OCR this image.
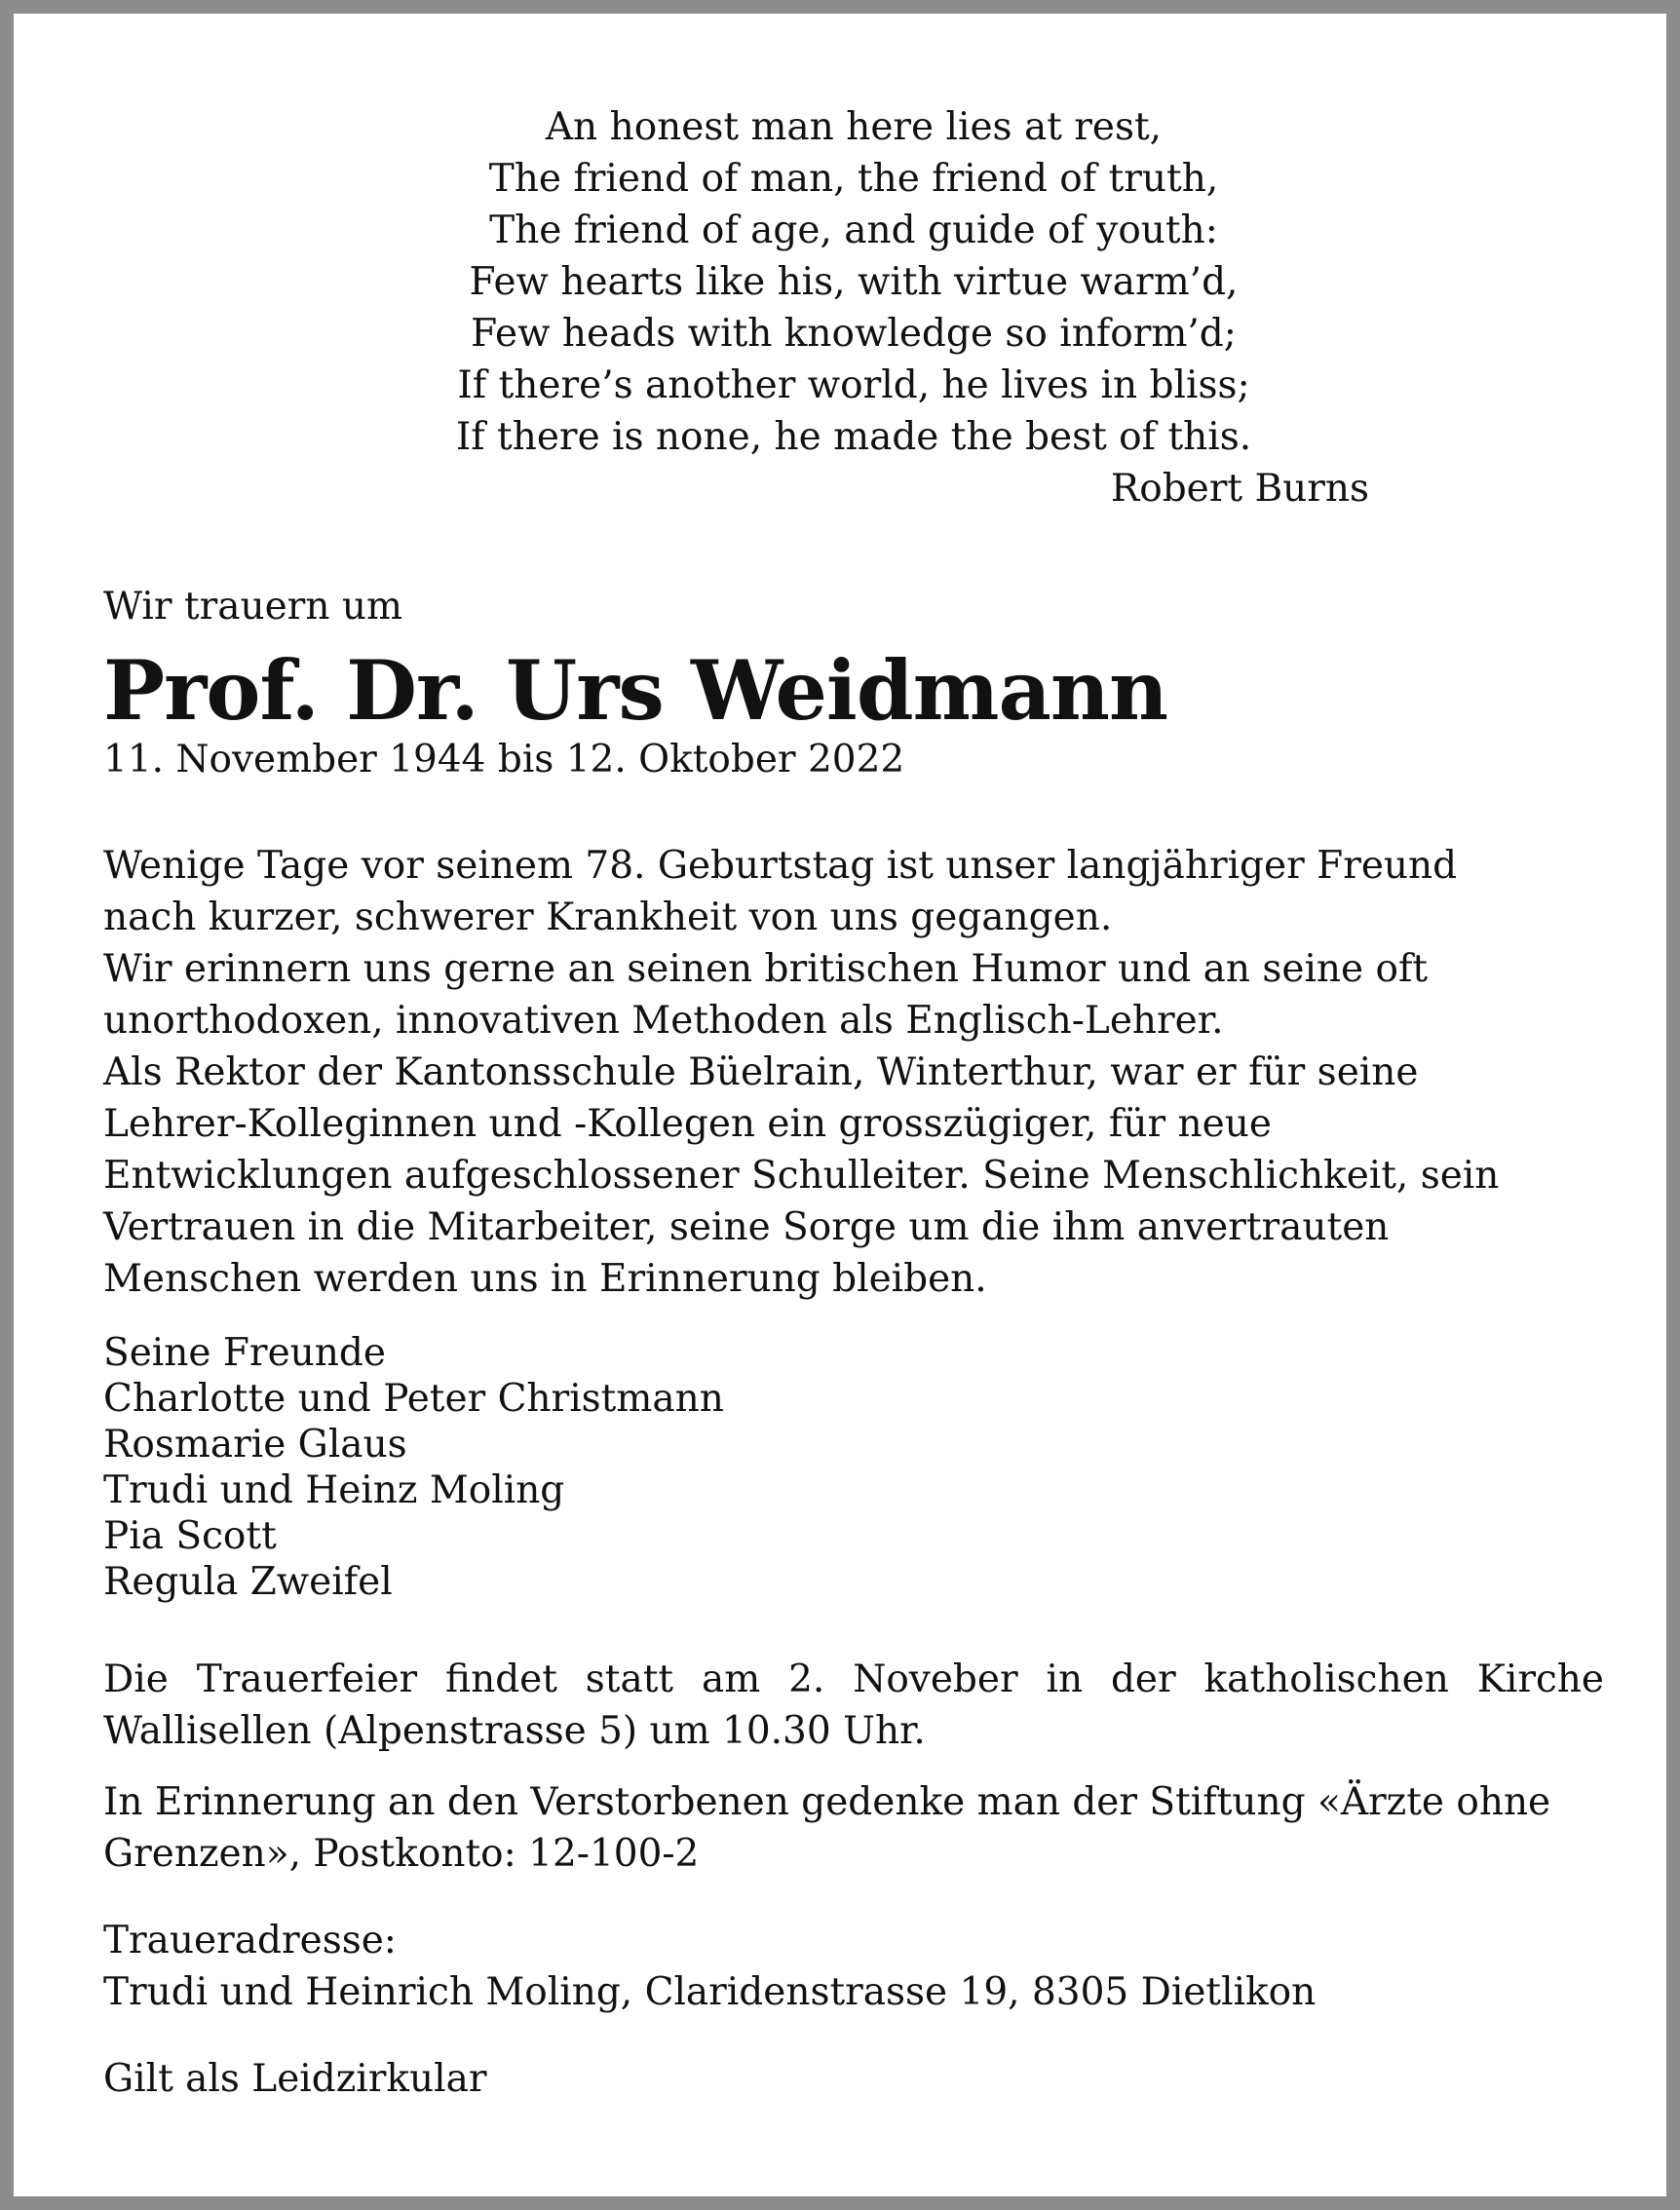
An honest man here lies at rest,
The friend of man, the friend of truth,
The friend of age, and guide of youth:
Few hearts like his, with virtue warm’d,
Few heads with knowledge so inform’d;
If there’s another world, he lives in bliss;
If there is none, he made the best of this.
Robert Burns
Wir trauern um
Prof. Dr. Urs Weidmann
11. November 1944 bis 12. Oktober 2022
Wenige Tage vor seinem 78. Geburtstag ist unser langjähriger Freund
nach kurzer, schwerer Krankheit von uns gegangen.
Wir erinnern uns gerne an seinen britischen Humor und an seine oft
unorthodoxen, innovativen Methoden als Englisch-Lehrer.
Als Rektor der Kantonsschule Büelrain, Winterthur, war er für seine
Lehrer-Kolleginnen und -Kollegen ein grosszügiger, für neue
Entwicklungen aufgeschlossener Schulleiter. Seine Menschlichkeit, sein
Vertrauen in die Mitarbeiter, seine Sorge um die ihm anvertrauten
Menschen werden uns in Erinnerung bleiben.
Seine Freunde
Charlotte und Peter Christmann
Rosmarie Glaus
Trudi und Heinz Moling
Pia Scott
Regula Zweifel

Die Trauerfeier findet statt am 2. Noveber in der katholischen Kirche Wallisellen (Alpenstrasse 5) um 10.30 Uhr.

In Erinnerung an den Verstorbenen gedenke man der Stiftung «Ärzte ohne Grenzen», Postkonto: 12-100-2

Traueradresse:
Trudi und Heinrich Moling, Claridenstrasse 19, 8305 Dietlikon
Gilt als Leidzirkular
